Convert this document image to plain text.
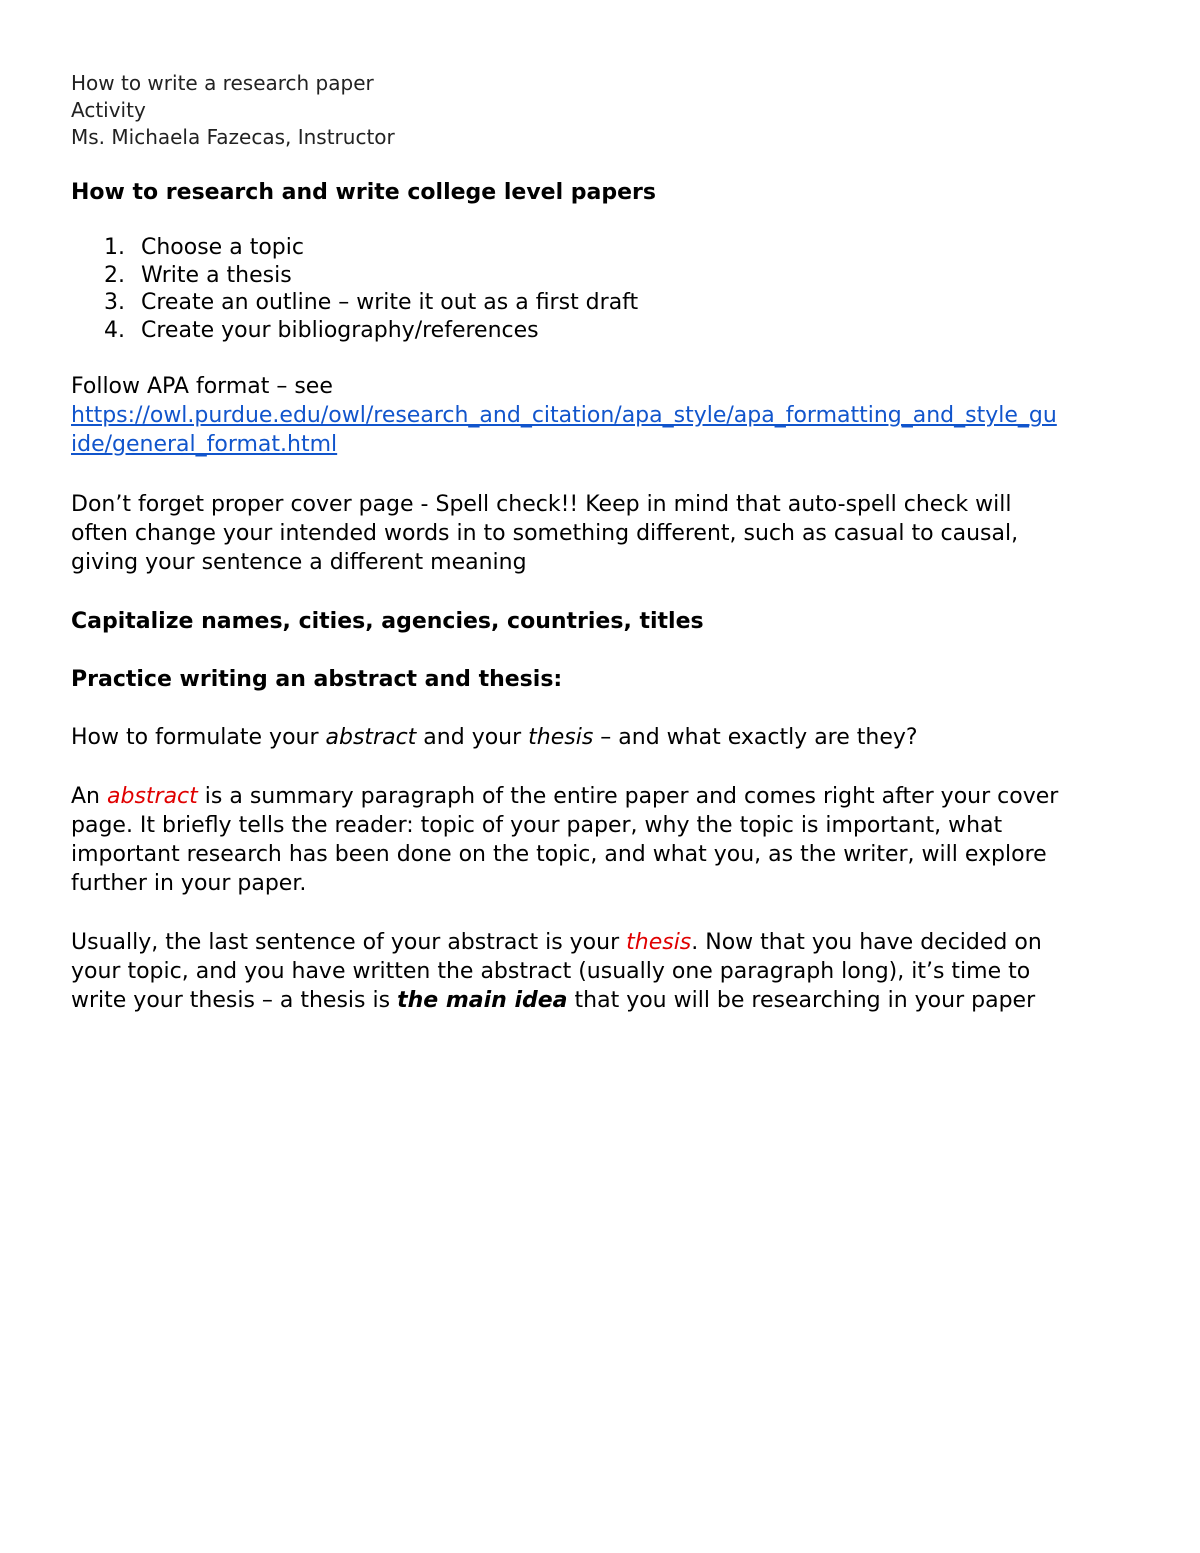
How to write a research paper
Activity
Ms. Michaela Fazecas, Instructor
How to research and write college level papers
1. Choose a topic
2. Write a thesis
3. Create an outline – write it out as a first draft
4. Create your bibliography/references
Follow APA format – see
https://owl.purdue.edu/owl/research_and_citation/apa_style/apa_formatting_and_style_gu
ide/general_format.html
Don’t forget proper cover page - Spell check!! Keep in mind that auto-spell check will
often change your intended words in to something different, such as casual to causal,
giving your sentence a different meaning
Capitalize names, cities, agencies, countries, titles
Practice writing an abstract and thesis:
How to formulate your abstract and your thesis – and what exactly are they?
An abstract is a summary paragraph of the entire paper and comes right after your cover
page. It briefly tells the reader: topic of your paper, why the topic is important, what
important research has been done on the topic, and what you, as the writer, will explore
further in your paper.
Usually, the last sentence of your abstract is your thesis. Now that you have decided on
your topic, and you have written the abstract (usually one paragraph long), it’s time to
write your thesis – a thesis is the main idea that you will be researching in your paper
